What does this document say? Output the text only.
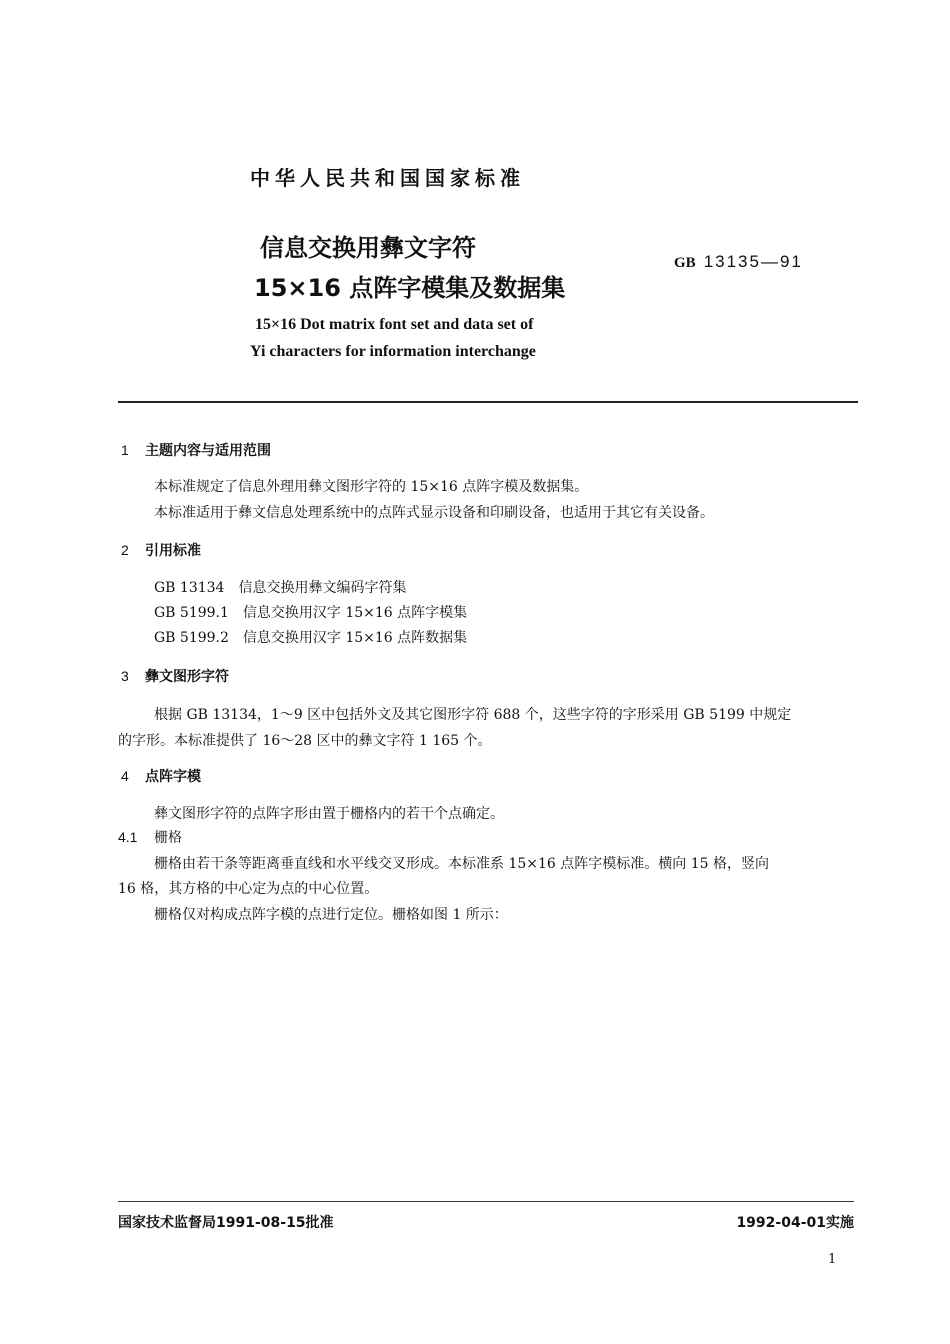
中华人民共和国国家标准
信息交换用彝文字符
15×16 点阵字模集及数据集
GB 13135—91
15×16 Dot matrix font set and data set of
Yi characters for information interchange
1 主题内容与适用范围
本标准规定了信息外理用彝文图形字符的 15×16 点阵字模及数据集。
本标准适用于彝文信息处理系统中的点阵式显示设备和印刷设备，也适用于其它有关设备。
2 引用标准
GB 13134　信息交换用彝文编码字符集
GB 5199.1　信息交换用汉字 15×16 点阵字模集
GB 5199.2　信息交换用汉字 15×16 点阵数据集
3 彝文图形字符
根据 GB 13134，1～9 区中包括外文及其它图形字符 688 个，这些字符的字形采用 GB 5199 中规定
的字形。本标准提供了 16～28 区中的彝文字符 1 165 个。
4 点阵字模
彝文图形字符的点阵字形由置于栅格内的若干个点确定。
4.1 栅格
栅格由若干条等距离垂直线和水平线交叉形成。本标准系 15×16 点阵字模标准。横向 15 格，竖向
16 格，其方格的中心定为点的中心位置。
栅格仅对构成点阵字模的点进行定位。栅格如图 1 所示：
国家技术监督局1991-08-15批准	1992-04-01实施
1
